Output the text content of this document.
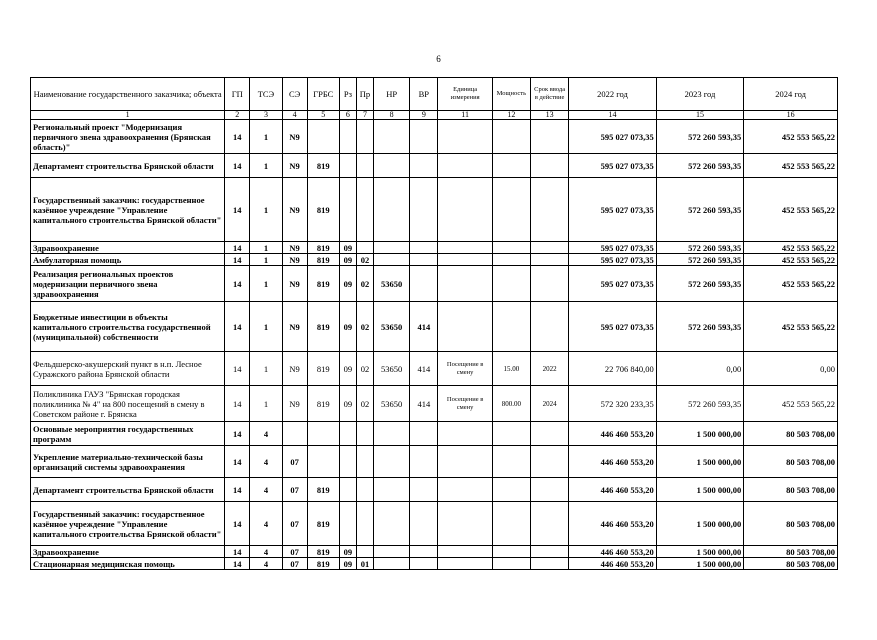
6
Наименование государственного заказчика; объекта	ГП	ТСЭ	СЭ	ГРБС	Рз	Пр	НР	ВР	Единица измерения	Мощность	Срок ввода в действие	2022 год	2023 год	2024 год
1	2	3	4	5	6	7	8	9	11	12	13	14	15	16
Региональный проект "Модернизация первичного звена здравоохранения (Брянская область)"	14	1	N9									595 027 073,35	572 260 593,35	452 553 565,22
Департамент строительства Брянской области	14	1	N9	819								595 027 073,35	572 260 593,35	452 553 565,22
Государственный заказчик: государственное казённое учреждение "Управление капитального строительства Брянской области"	14	1	N9	819								595 027 073,35	572 260 593,35	452 553 565,22
Здравоохранение	14	1	N9	819	09							595 027 073,35	572 260 593,35	452 553 565,22
Амбулаторная помощь	14	1	N9	819	09	02						595 027 073,35	572 260 593,35	452 553 565,22
Реализация региональных проектов модернизации первичного звена здравоохранения	14	1	N9	819	09	02	53650					595 027 073,35	572 260 593,35	452 553 565,22
Бюджетные инвестиции в объекты капитального строительства государственной (муниципальной) собственности	14	1	N9	819	09	02	53650	414				595 027 073,35	572 260 593,35	452 553 565,22
Фельдшерско-акушерский пункт в н.п. Лесное Суражского района Брянской области	14	1	N9	819	09	02	53650	414	Посещение в смену	15.00	2022	22 706 840,00	0,00	0,00
Поликлиника ГАУЗ "Брянская городская поликлиника № 4" на 800 посещений в смену в Советском районе г. Брянска	14	1	N9	819	09	02	53650	414	Посещение в смену	800.00	2024	572 320 233,35	572 260 593,35	452 553 565,22
Основные мероприятия государственных программ	14	4										446 460 553,20	1 500 000,00	80 503 708,00
Укрепление материально-технической базы организаций системы здравоохранения	14	4	07									446 460 553,20	1 500 000,00	80 503 708,00
Департамент строительства Брянской области	14	4	07	819								446 460 553,20	1 500 000,00	80 503 708,00
Государственный заказчик: государственное казённое учреждение "Управление капитального строительства Брянской области"	14	4	07	819								446 460 553,20	1 500 000,00	80 503 708,00
Здравоохранение	14	4	07	819	09							446 460 553,20	1 500 000,00	80 503 708,00
Стационарная медицинская помощь	14	4	07	819	09	01						446 460 553,20	1 500 000,00	80 503 708,00
